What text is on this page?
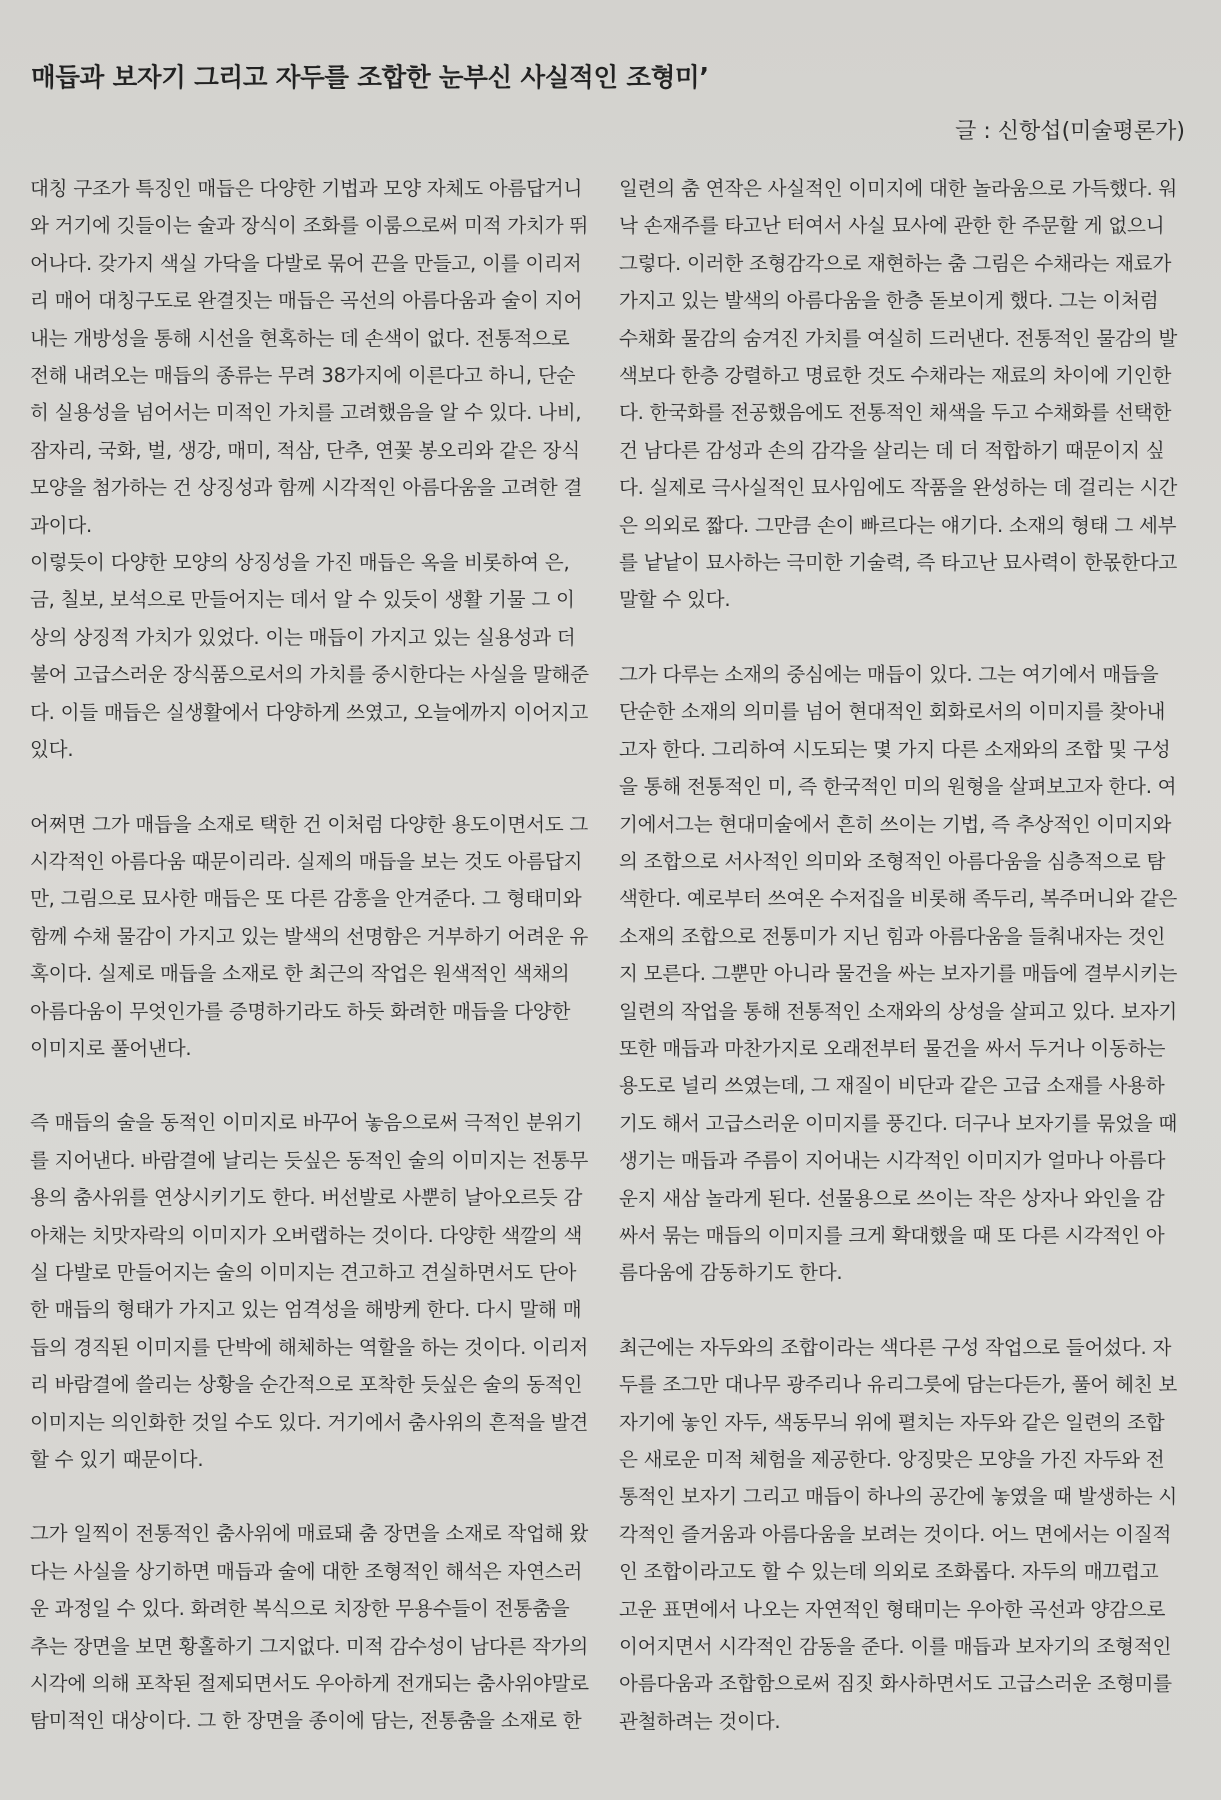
매듭과 보자기 그리고 자두를 조합한 눈부신 사실적인 조형미’

글 : 신항섭(미술평론가)

대칭 구조가 특징인 매듭은 다양한 기법과 모양 자체도 아름답거니와 거기에 깃들이는 술과 장식이 조화를 이룸으로써 미적 가치가 뛰어나다. 갖가지 색실 가닥을 다발로 묶어 끈을 만들고, 이를 이리저리 매어 대칭구도로 완결짓는 매듭은 곡선의 아름다움과 술이 지어내는 개방성을 통해 시선을 현혹하는 데 손색이 없다. 전통적으로 전해 내려오는 매듭의 종류는 무려 38가지에 이른다고 하니, 단순히 실용성을 넘어서는 미적인 가치를 고려했음을 알 수 있다. 나비, 잠자리, 국화, 벌, 생강, 매미, 적삼, 단추, 연꽃 봉오리와 같은 장식 모양을 첨가하는 건 상징성과 함께 시각적인 아름다움을 고려한 결과이다.

이렇듯이 다양한 모양의 상징성을 가진 매듭은 옥을 비롯하여 은, 금, 칠보, 보석으로 만들어지는 데서 알 수 있듯이 생활 기물 그 이상의 상징적 가치가 있었다. 이는 매듭이 가지고 있는 실용성과 더불어 고급스러운 장식품으로서의 가치를 중시한다는 사실을 말해준다. 이들 매듭은 실생활에서 다양하게 쓰였고, 오늘에까지 이어지고 있다.

어쩌면 그가 매듭을 소재로 택한 건 이처럼 다양한 용도이면서도 그 시각적인 아름다움 때문이리라. 실제의 매듭을 보는 것도 아름답지만, 그림으로 묘사한 매듭은 또 다른 감흥을 안겨준다. 그 형태미와 함께 수채 물감이 가지고 있는 발색의 선명함은 거부하기 어려운 유혹이다. 실제로 매듭을 소재로 한 최근의 작업은 원색적인 색채의 아름다움이 무엇인가를 증명하기라도 하듯 화려한 매듭을 다양한 이미지로 풀어낸다.

즉 매듭의 술을 동적인 이미지로 바꾸어 놓음으로써 극적인 분위기를 지어낸다. 바람결에 날리는 듯싶은 동적인 술의 이미지는 전통무용의 춤사위를 연상시키기도 한다. 버선발로 사뿐히 날아오르듯 감아채는 치맛자락의 이미지가 오버랩하는 것이다. 다양한 색깔의 색실 다발로 만들어지는 술의 이미지는 견고하고 견실하면서도 단아한 매듭의 형태가 가지고 있는 엄격성을 해방케 한다. 다시 말해 매듭의 경직된 이미지를 단박에 해체하는 역할을 하는 것이다. 이리저리 바람결에 쓸리는 상황을 순간적으로 포착한 듯싶은 술의 동적인 이미지는 의인화한 것일 수도 있다. 거기에서 춤사위의 흔적을 발견할 수 있기 때문이다.

그가 일찍이 전통적인 춤사위에 매료돼 춤 장면을 소재로 작업해 왔다는 사실을 상기하면 매듭과 술에 대한 조형적인 해석은 자연스러운 과정일 수 있다. 화려한 복식으로 치장한 무용수들이 전통춤을 추는 장면을 보면 황홀하기 그지없다. 미적 감수성이 남다른 작가의 시각에 의해 포착된 절제되면서도 우아하게 전개되는 춤사위야말로 탐미적인 대상이다. 그 한 장면을 종이에 담는, 전통춤을 소재로 한

일련의 춤 연작은 사실적인 이미지에 대한 놀라움으로 가득했다. 워낙 손재주를 타고난 터여서 사실 묘사에 관한 한 주문할 게 없으니 그렇다. 이러한 조형감각으로 재현하는 춤 그림은 수채라는 재료가 가지고 있는 발색의 아름다움을 한층 돋보이게 했다. 그는 이처럼 수채화 물감의 숨겨진 가치를 여실히 드러낸다. 전통적인 물감의 발색보다 한층 강렬하고 명료한 것도 수채라는 재료의 차이에 기인한다. 한국화를 전공했음에도 전통적인 채색을 두고 수채화를 선택한 건 남다른 감성과 손의 감각을 살리는 데 더 적합하기 때문이지 싶다. 실제로 극사실적인 묘사임에도 작품을 완성하는 데 걸리는 시간은 의외로 짧다. 그만큼 손이 빠르다는 얘기다. 소재의 형태 그 세부를 낱낱이 묘사하는 극미한 기술력, 즉 타고난 묘사력이 한몫한다고 말할 수 있다.

그가 다루는 소재의 중심에는 매듭이 있다. 그는 여기에서 매듭을 단순한 소재의 의미를 넘어 현대적인 회화로서의 이미지를 찾아내고자 한다. 그리하여 시도되는 몇 가지 다른 소재와의 조합 및 구성을 통해 전통적인 미, 즉 한국적인 미의 원형을 살펴보고자 한다. 여기에서그는 현대미술에서 흔히 쓰이는 기법, 즉 추상적인 이미지와의 조합으로 서사적인 의미와 조형적인 아름다움을 심층적으로 탐색한다. 예로부터 쓰여온 수저집을 비롯해 족두리, 복주머니와 같은 소재의 조합으로 전통미가 지닌 힘과 아름다움을 들춰내자는 것인지 모른다. 그뿐만 아니라 물건을 싸는 보자기를 매듭에 결부시키는 일련의 작업을 통해 전통적인 소재와의 상성을 살피고 있다. 보자기 또한 매듭과 마찬가지로 오래전부터 물건을 싸서 두거나 이동하는 용도로 널리 쓰였는데, 그 재질이 비단과 같은 고급 소재를 사용하기도 해서 고급스러운 이미지를 풍긴다. 더구나 보자기를 묶었을 때 생기는 매듭과 주름이 지어내는 시각적인 이미지가 얼마나 아름다운지 새삼 놀라게 된다. 선물용으로 쓰이는 작은 상자나 와인을 감싸서 묶는 매듭의 이미지를 크게 확대했을 때 또 다른 시각적인 아름다움에 감동하기도 한다.

최근에는 자두와의 조합이라는 색다른 구성 작업으로 들어섰다. 자두를 조그만 대나무 광주리나 유리그릇에 담는다든가, 풀어 헤친 보자기에 놓인 자두, 색동무늬 위에 펼치는 자두와 같은 일련의 조합은 새로운 미적 체험을 제공한다. 앙징맞은 모양을 가진 자두와 전통적인 보자기 그리고 매듭이 하나의 공간에 놓였을 때 발생하는 시각적인 즐거움과 아름다움을 보려는 것이다. 어느 면에서는 이질적인 조합이라고도 할 수 있는데 의외로 조화롭다. 자두의 매끄럽고 고운 표면에서 나오는 자연적인 형태미는 우아한 곡선과 양감으로 이어지면서 시각적인 감동을 준다. 이를 매듭과 보자기의 조형적인 아름다움과 조합함으로써 짐짓 화사하면서도 고급스러운 조형미를 관철하려는 것이다.
